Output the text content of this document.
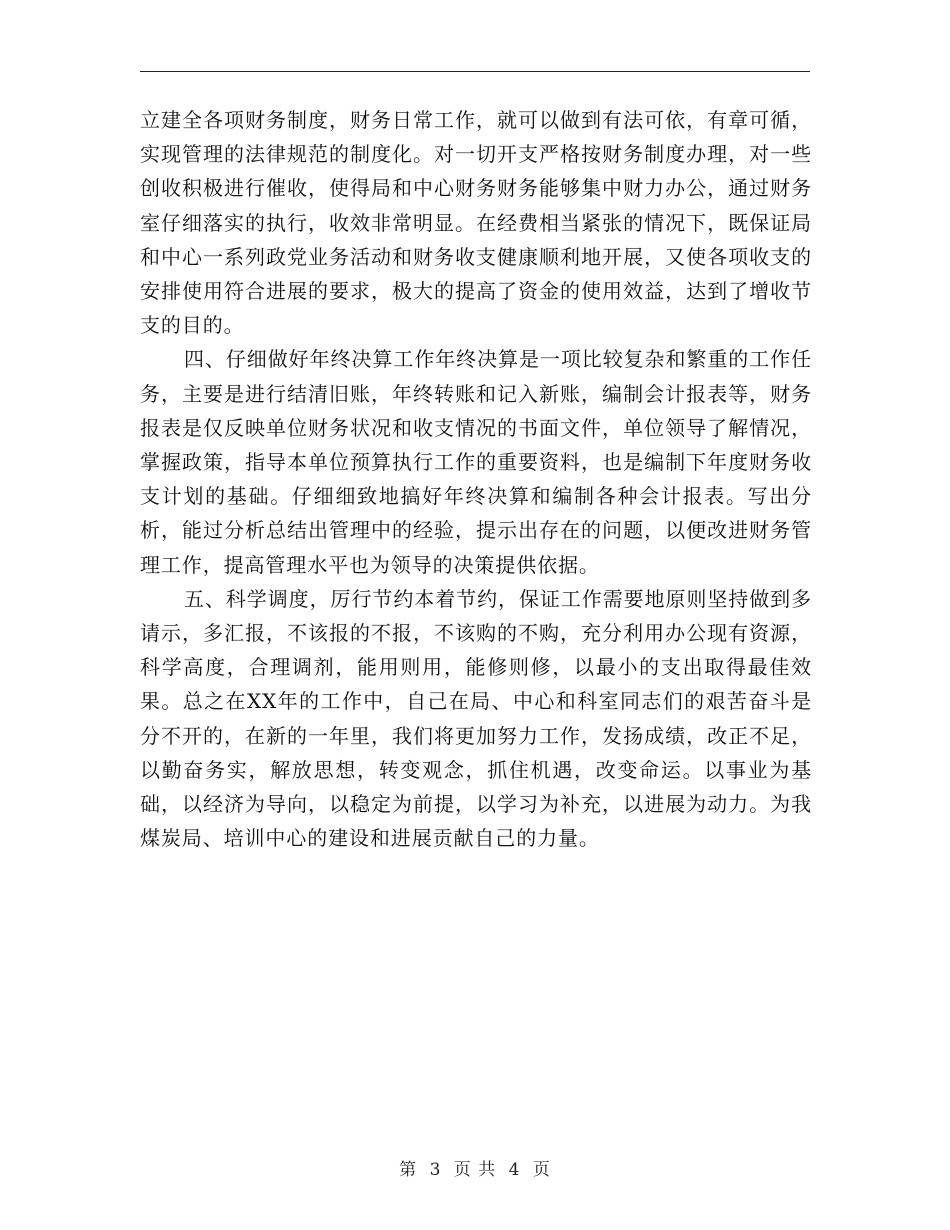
立建全各项财务制度，财务日常工作，就可以做到有法可依，有章可循，实现管理的法律规范的制度化。对一切开支严格按财务制度办理，对一些创收积极进行催收，使得局和中心财务财务能够集中财力办公，通过财务室仔细落实的执行，收效非常明显。在经费相当紧张的情况下，既保证局和中心一系列政党业务活动和财务收支健康顺利地开展，又使各项收支的安排使用符合进展的要求，极大的提高了资金的使用效益，达到了增收节支的目的。

四、仔细做好年终决算工作年终决算是一项比较复杂和繁重的工作任务，主要是进行结清旧账，年终转账和记入新账，编制会计报表等，财务报表是仅反映单位财务状况和收支情况的书面文件，单位领导了解情况，掌握政策，指导本单位预算执行工作的重要资料，也是编制下年度财务收支计划的基础。仔细细致地搞好年终决算和编制各种会计报表。写出分析，能过分析总结出管理中的经验，提示出存在的问题，以便改进财务管理工作，提高管理水平也为领导的决策提供依据。

五、科学调度，厉行节约本着节约，保证工作需要地原则坚持做到多请示，多汇报，不该报的不报，不该购的不购，充分利用办公现有资源，科学高度，合理调剂，能用则用，能修则修，以最小的支出取得最佳效果。总之在XX年的工作中，自己在局、中心和科室同志们的艰苦奋斗是分不开的，在新的一年里，我们将更加努力工作，发扬成绩，改正不足，以勤奋务实，解放思想，转变观念，抓住机遇，改变命运。以事业为基础，以经济为导向，以稳定为前提，以学习为补充，以进展为动力。为我煤炭局、培训中心的建设和进展贡献自己的力量。

第 3 页 共 4 页
